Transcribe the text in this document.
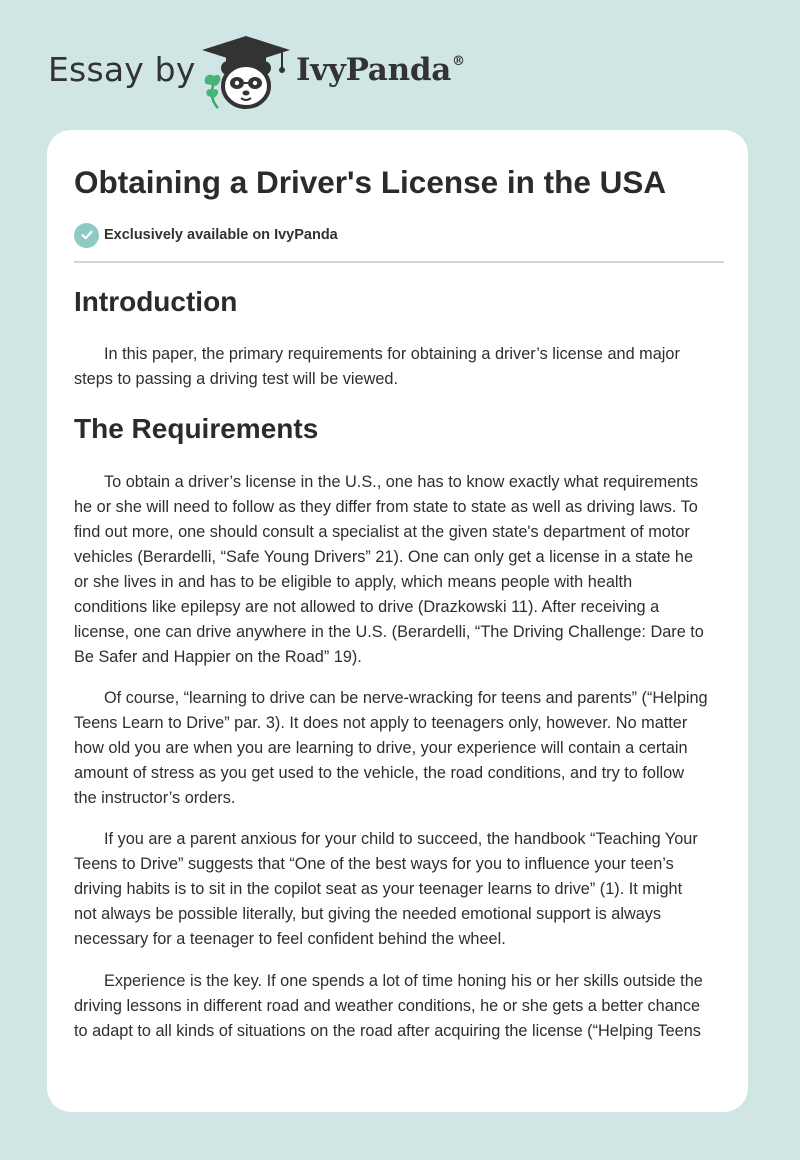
Essay by	IvyPanda®
Obtaining a Driver's License in the USA
Exclusively available on IvyPanda
Introduction

In this paper, the primary requirements for obtaining a driver’s license and major
steps to passing a driving test will be viewed.

The Requirements

To obtain a driver’s license in the U.S., one has to know exactly what requirements
he or she will need to follow as they differ from state to state as well as driving laws. To
find out more, one should consult a specialist at the given state's department of motor
vehicles (Berardelli, “Safe Young Drivers” 21). One can only get a license in a state he
or she lives in and has to be eligible to apply, which means people with health
conditions like epilepsy are not allowed to drive (Drazkowski 11). After receiving a
license, one can drive anywhere in the U.S. (Berardelli, “The Driving Challenge: Dare to
Be Safer and Happier on the Road” 19).

Of course, “learning to drive can be nerve-wracking for teens and parents” (“Helping
Teens Learn to Drive” par. 3). It does not apply to teenagers only, however. No matter
how old you are when you are learning to drive, your experience will contain a certain
amount of stress as you get used to the vehicle, the road conditions, and try to follow
the instructor’s orders.

If you are a parent anxious for your child to succeed, the handbook “Teaching Your
Teens to Drive” suggests that “One of the best ways for you to influence your teen’s
driving habits is to sit in the copilot seat as your teenager learns to drive” (1). It might
not always be possible literally, but giving the needed emotional support is always
necessary for a teenager to feel confident behind the wheel.

Experience is the key. If one spends a lot of time honing his or her skills outside the
driving lessons in different road and weather conditions, he or she gets a better chance
to adapt to all kinds of situations on the road after acquiring the license (“Helping Teens
